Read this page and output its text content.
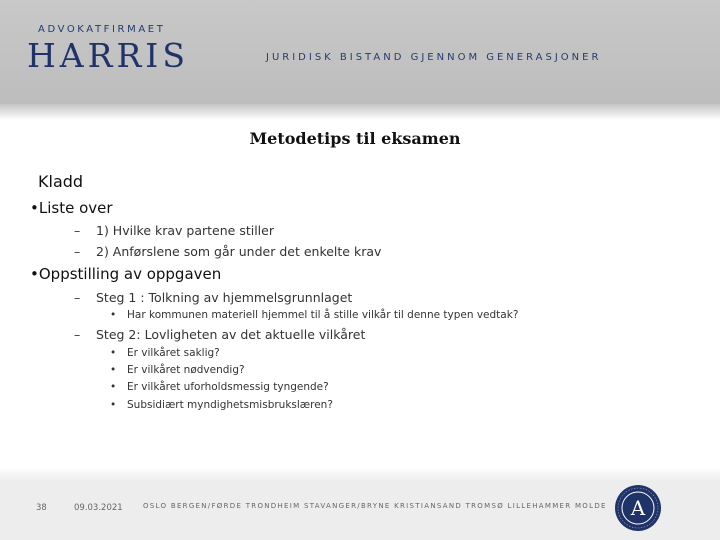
ADVOKATFIRMAET
HARRIS	JURIDISK BISTAND GJENNOM GENERASJONER
Metodetips til eksamen
Kladd
•Liste over
– 1) Hvilke krav partene stiller
– 2) Anførslene som går under det enkelte krav
•Oppstilling av oppgaven
– Steg 1 : Tolkning av hjemmelsgrunnlaget
• Har kommunen materiell hjemmel til å stille vilkår til denne typen vedtak?
– Steg 2: Lovligheten av det aktuelle vilkåret
• Er vilkåret saklig?
• Er vilkåret nødvendig?
• Er vilkåret uforholdsmessig tyngende?
• Subsidiært myndighetsmisbrukslæren?
38	09.03.2021	OSLO BERGEN/FØRDE TRONDHEIM STAVANGER/BRYNE KRISTIANSAND TROMSØ LILLEHAMMER MOLDE A
